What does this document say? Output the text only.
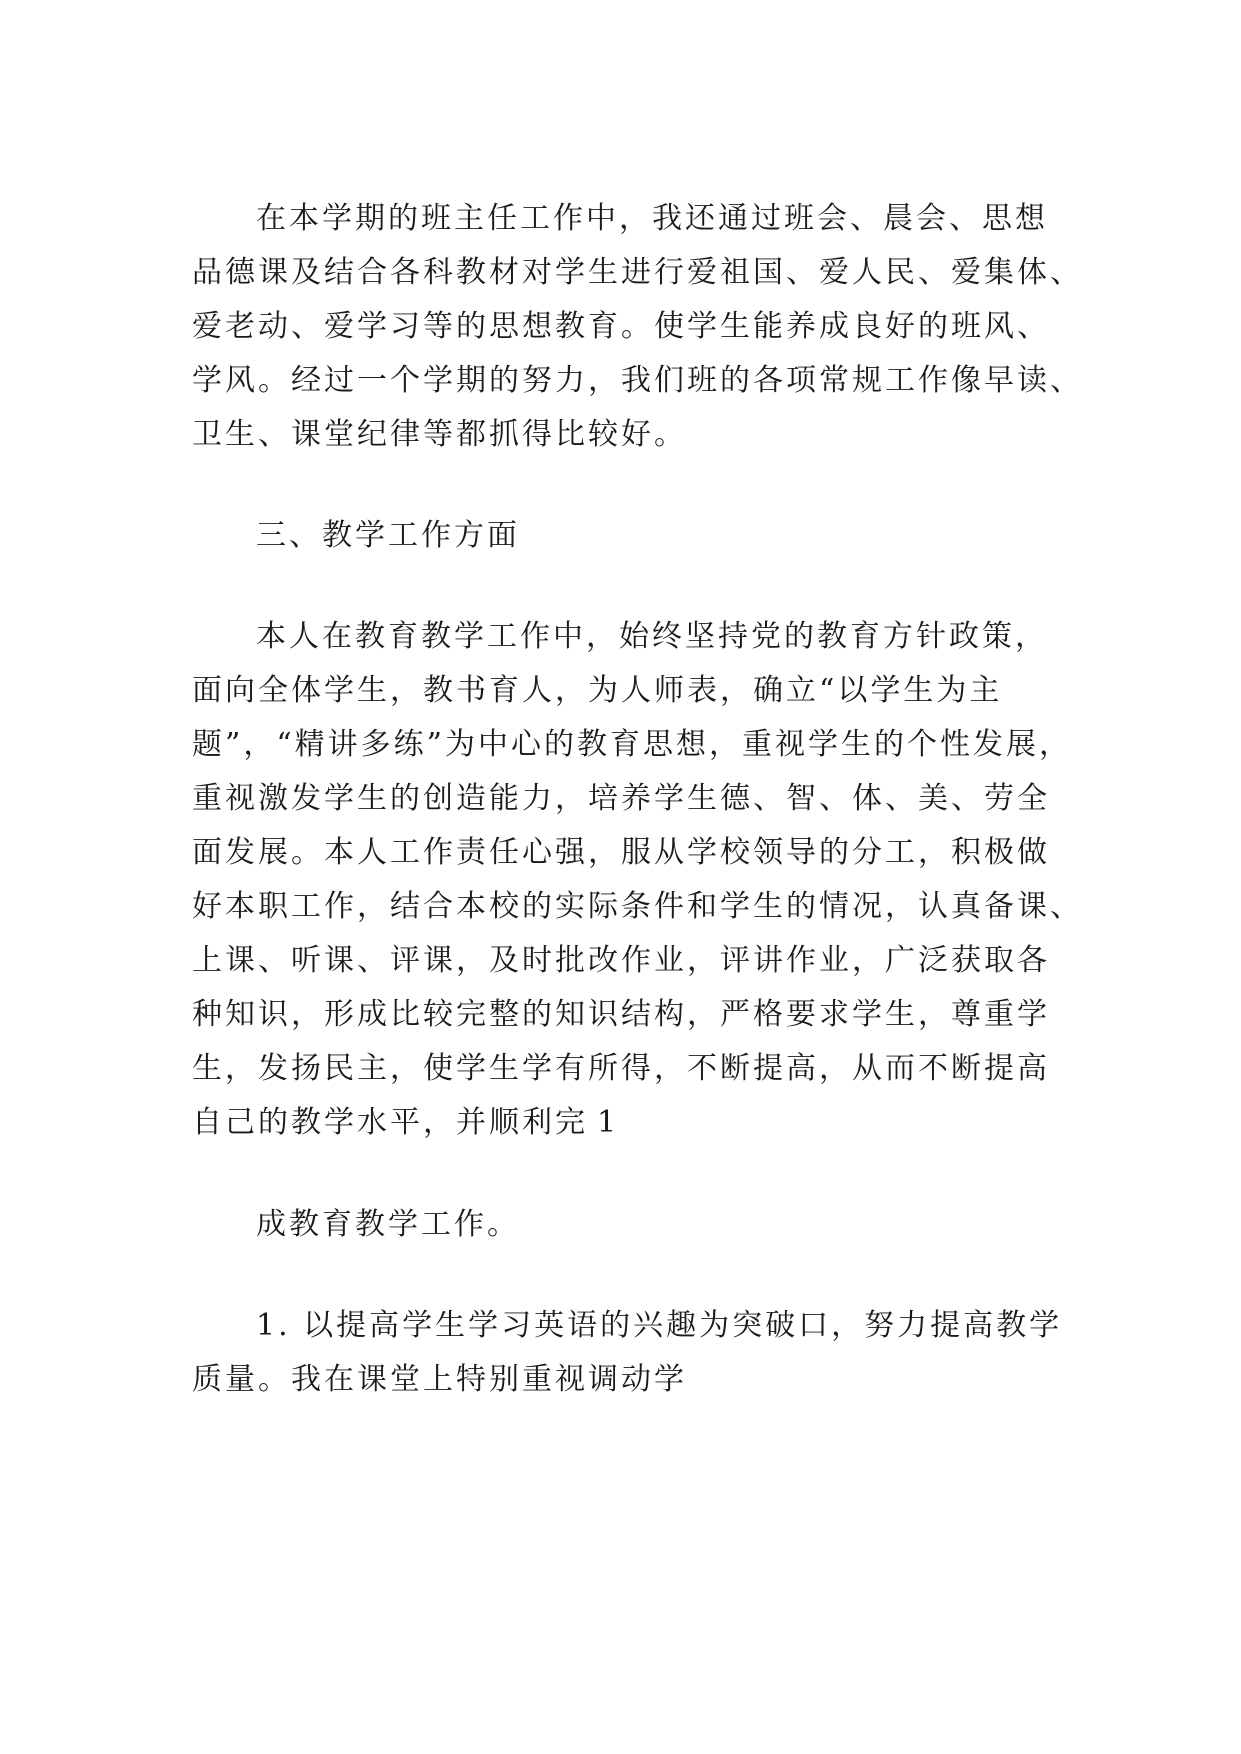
在本学期的班主任工作中，我还通过班会、晨会、思想
品德课及结合各科教材对学生进行爱祖国、爱人民、爱集体、
爱老动、爱学习等的思想教育。使学生能养成良好的班风、
学风。经过一个学期的努力，我们班的各项常规工作像早读、
卫生、课堂纪律等都抓得比较好。
三、教学工作方面
本人在教育教学工作中，始终坚持党的教育方针政策，
面向全体学生，教书育人，为人师表，确立“以学生为主
题”，“精讲多练”为中心的教育思想，重视学生的个性发展，
重视激发学生的创造能力，培养学生德、智、体、美、劳全
面发展。本人工作责任心强，服从学校领导的分工，积极做
好本职工作，结合本校的实际条件和学生的情况，认真备课、
上课、听课、评课，及时批改作业，评讲作业，广泛获取各
种知识，形成比较完整的知识结构，严格要求学生，尊重学
生，发扬民主，使学生学有所得，不断提高，从而不断提高
自己的教学水平，并顺利完 1
成教育教学工作。
1. 以提高学生学习英语的兴趣为突破口，努力提高教学
质量。我在课堂上特别重视调动学
